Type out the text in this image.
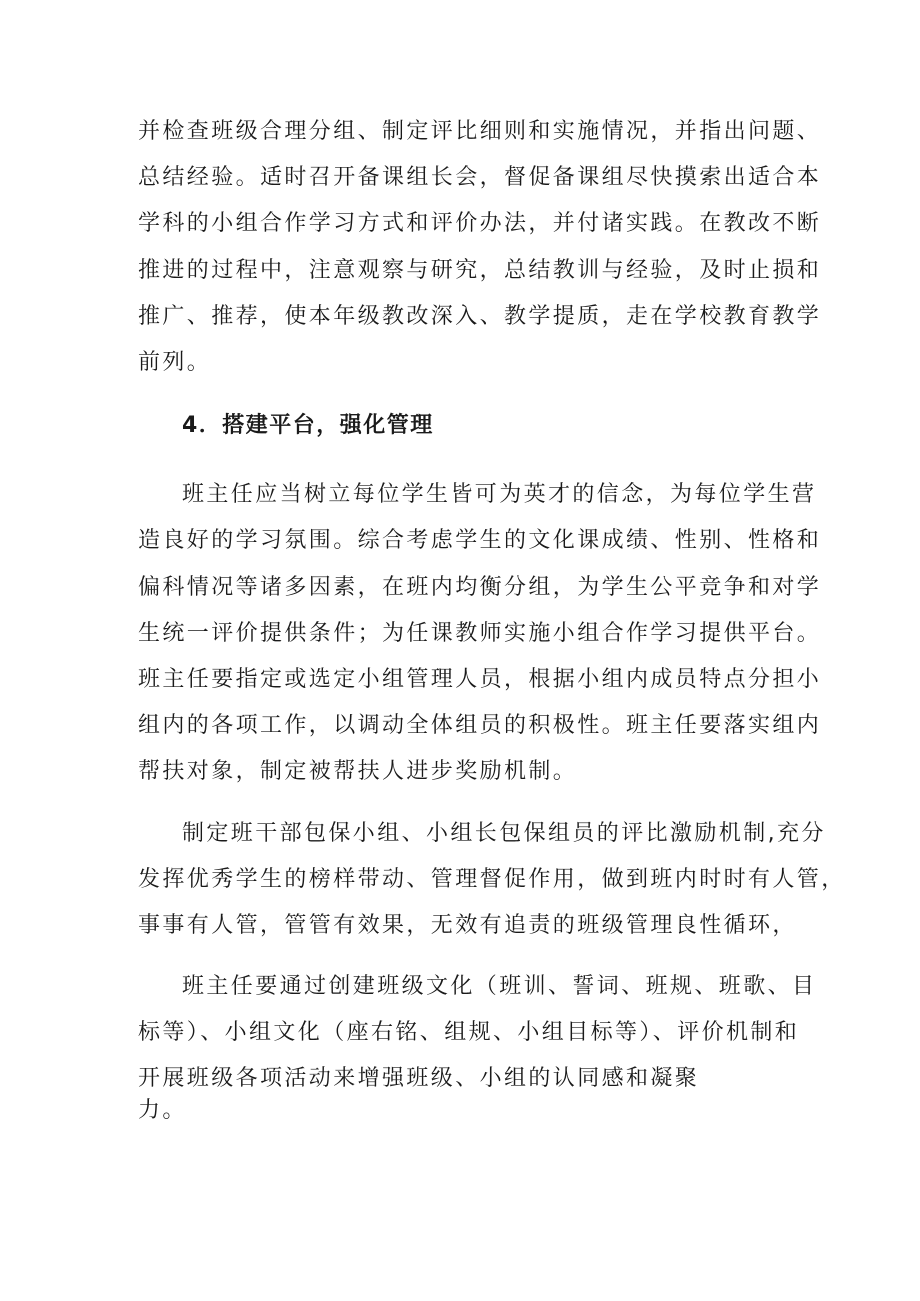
并检查班级合理分组、制定评比细则和实施情况，并指出问题、

总结经验。适时召开备课组长会，督促备课组尽快摸索出适合本

学科的小组合作学习方式和评价办法，并付诸实践。在教改不断

推进的过程中，注意观察与研究，总结教训与经验，及时止损和

推广、推荐，使本年级教改深入、教学提质，走在学校教育教学

前列。

4．搭建平台，强化管理

班主任应当树立每位学生皆可为英才的信念，为每位学生营

造良好的学习氛围。综合考虑学生的文化课成绩、性别、性格和

偏科情况等诸多因素，在班内均衡分组，为学生公平竞争和对学

生统一评价提供条件；为任课教师实施小组合作学习提供平台。

班主任要指定或选定小组管理人员，根据小组内成员特点分担小

组内的各项工作，以调动全体组员的积极性。班主任要落实组内

帮扶对象，制定被帮扶人进步奖励机制。

制定班干部包保小组、小组长包保组员的评比激励机制,充分

发挥优秀学生的榜样带动、管理督促作用，做到班内时时有人管，

事事有人管，管管有效果，无效有追责的班级管理良性循环，

班主任要通过创建班级文化（班训、誓词、班规、班歌、目

标等）、小组文化（座右铭、组规、小组目标等）、评价机制和

开展班级各项活动来增强班级、小组的认同感和凝聚

力。
